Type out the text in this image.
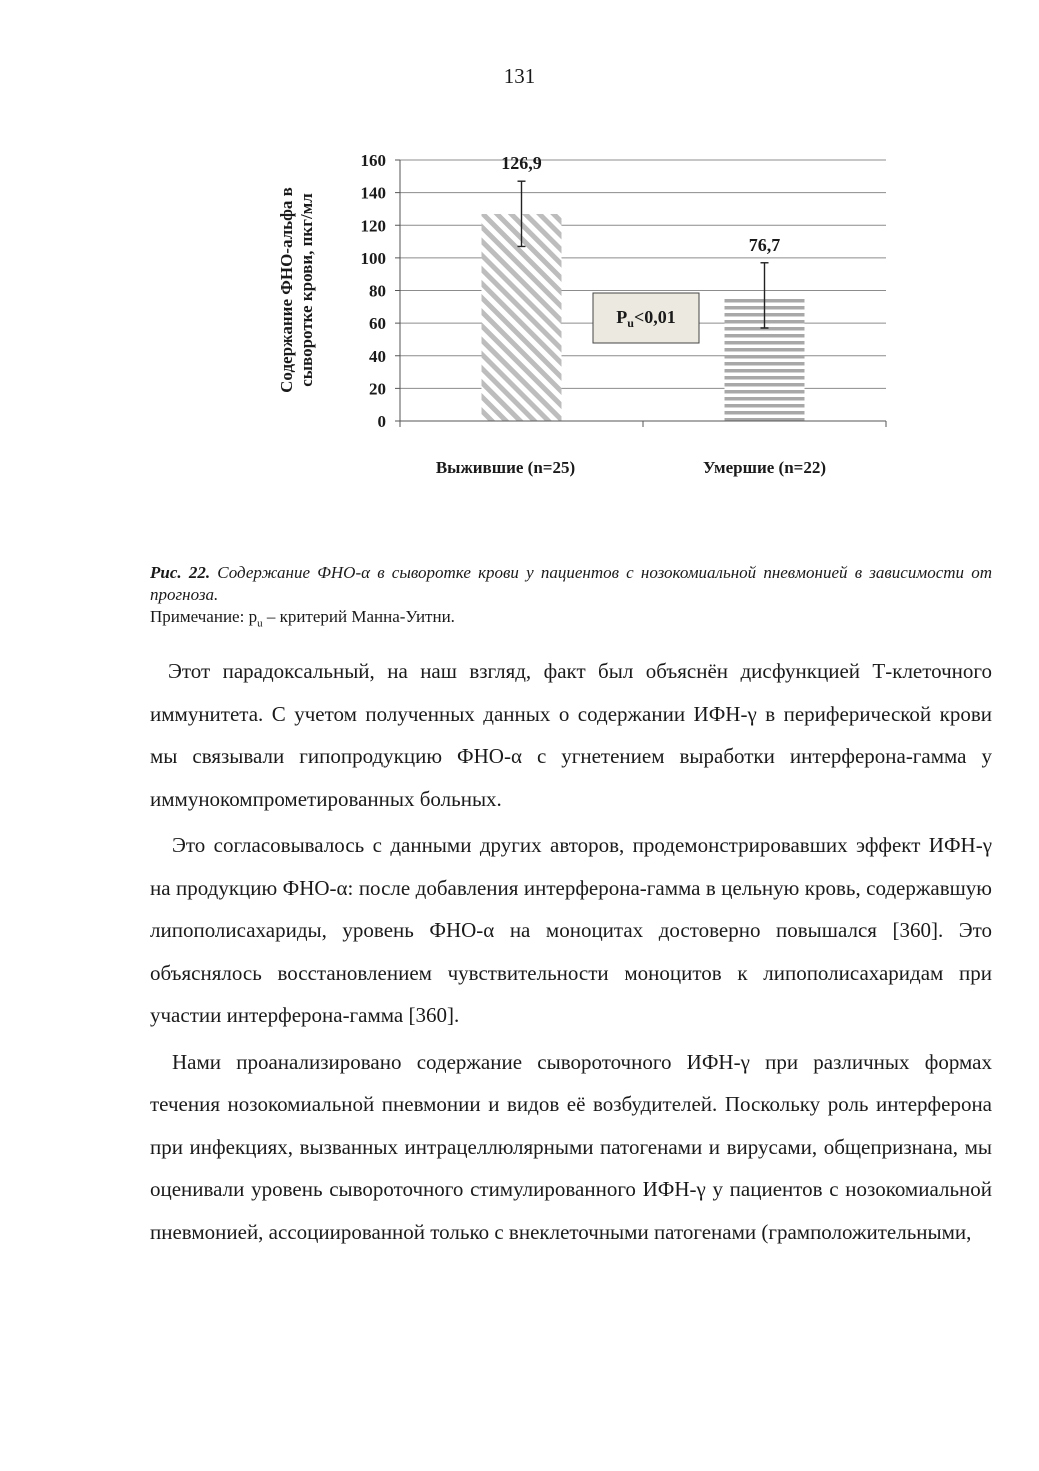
131
Содержание ФНО-альфа всыворотке крови, пкг/мл
0
20
40
60
80
100
120
140
160	126,9
Выжившие (n=25)
76,7
Умершие (n=22)
$P_u<0,01$
Рис. 22. Содержание ФНО-α в сыворотке крови у пациентов с нозокомиальной пневмонией в зависимости от прогноза.
Примечание: $p_u$ – критерий Манна-Уитни.

Этот парадоксальный, на наш взгляд, факт был объяснён дисфункцией Т-клеточного иммунитета. С учетом полученных данных о содержании ИФН-γ в периферической крови мы связывали гипопродукцию ФНО-α с угнетением выработки интерферона-гамма у иммунокомпрометированных больных.

Это согласовывалось с данными других авторов, продемонстрировавших эффект ИФН-γ на продукцию ФНО-α: после добавления интерферона-гамма в цельную кровь, содержавшую липополисахариды, уровень ФНО-α на моноцитах достоверно повышался [360]. Это объяснялось восстановлением чувствительности моноцитов к липополисахаридам при участии интерферона-гамма [360].

Нами проанализировано содержание сывороточного ИФН-γ при различных формах течения нозокомиальной пневмонии и видов её возбудителей. Поскольку роль интерферона при инфекциях, вызванных интрацеллюлярными патогенами и вирусами, общепризнана, мы оценивали уровень сывороточного стимулированного ИФН-γ у пациентов с нозокомиальной пневмонией, ассоциированной только с внеклеточными патогенами (грамположительными,
